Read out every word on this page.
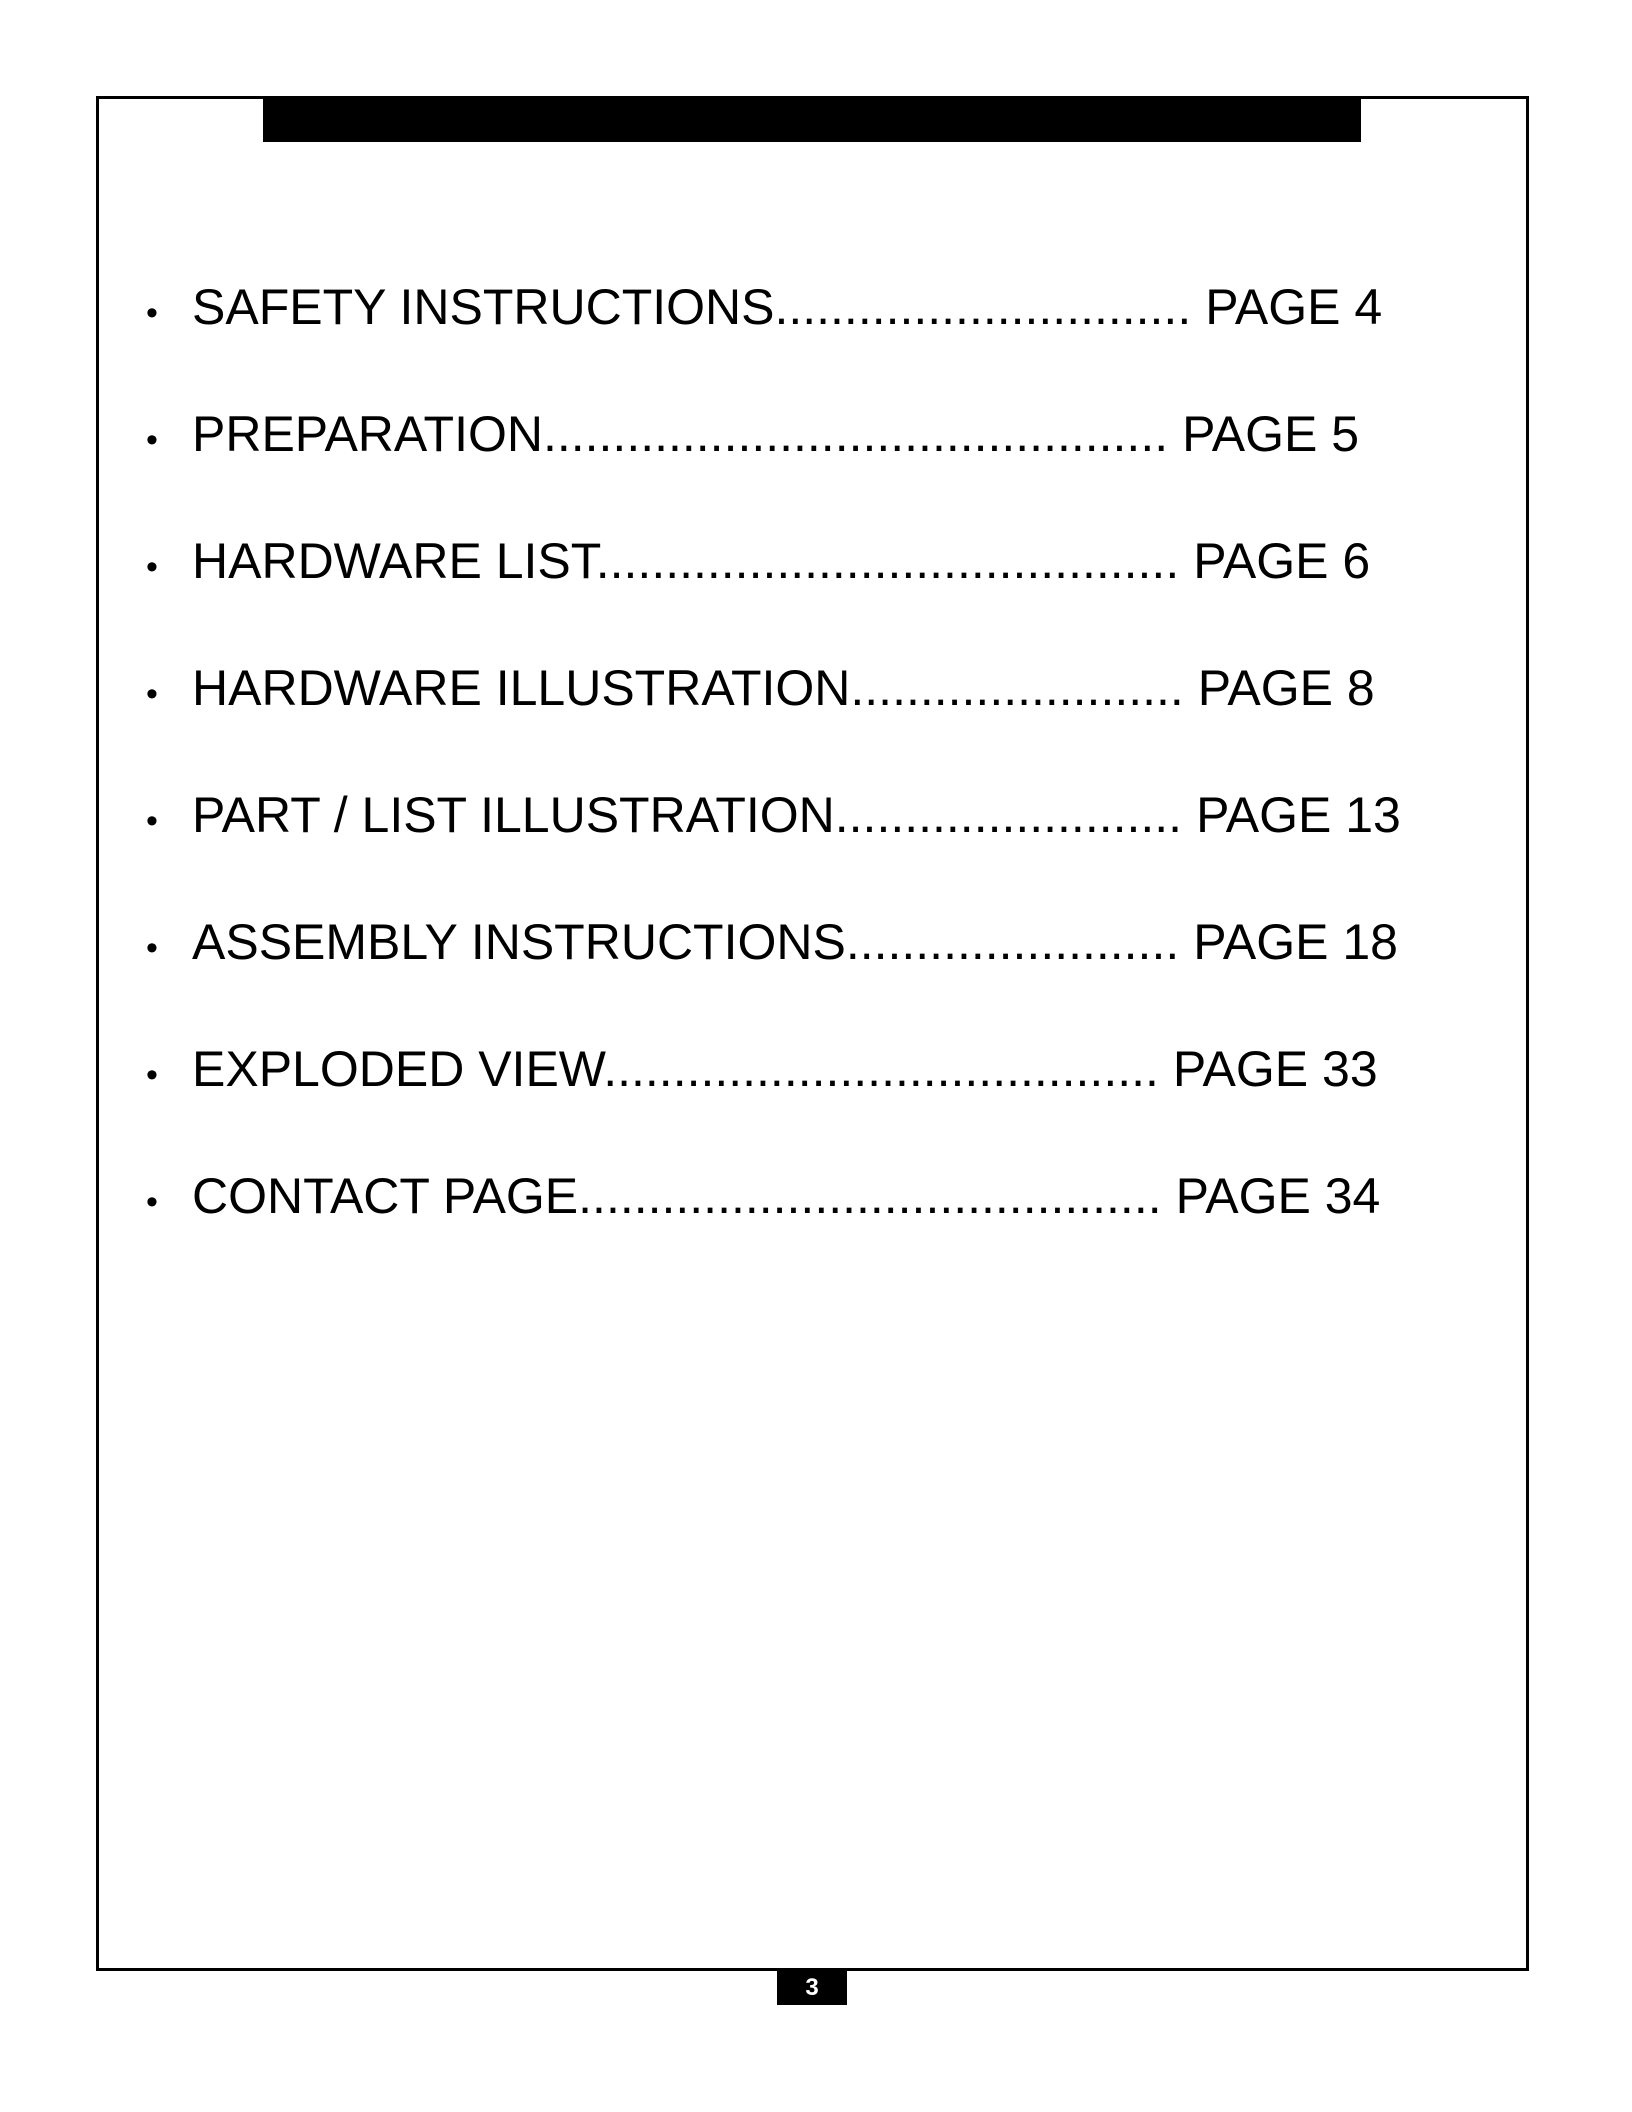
• SAFETY INSTRUCTIONS.............................. PAGE 4
• PREPARATION............................................. PAGE 5
• HARDWARE LIST.......................................... PAGE 6
• HARDWARE ILLUSTRATION........................ PAGE 8
• PART / LIST ILLUSTRATION......................... PAGE 13
• ASSEMBLY INSTRUCTIONS........................ PAGE 18
• EXPLODED VIEW........................................ PAGE 33
• CONTACT PAGE.......................................... PAGE 34
3
